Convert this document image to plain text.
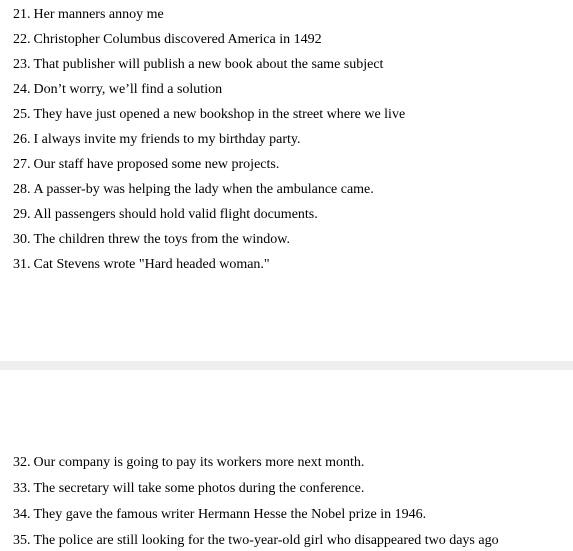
21. Her manners annoy me
22. Christopher Columbus discovered America in 1492
23. That publisher will publish a new book about the same subject
24. Don’t worry, we’ll find a solution
25. They have just opened a new bookshop in the street where we live
26. I always invite my friends to my birthday party.
27. Our staff have proposed some new projects.
28. A passer-by was helping the lady when the ambulance came.
29. All passengers should hold valid flight documents.
30. The children threw the toys from the window.
31. Cat Stevens wrote "Hard headed woman."
32. Our company is going to pay its workers more next month.
33. The secretary will take some photos during the conference.
34. They gave the famous writer Hermann Hesse the Nobel prize in 1946.
35. The police are still looking for the two-year-old girl who disappeared two days ago
